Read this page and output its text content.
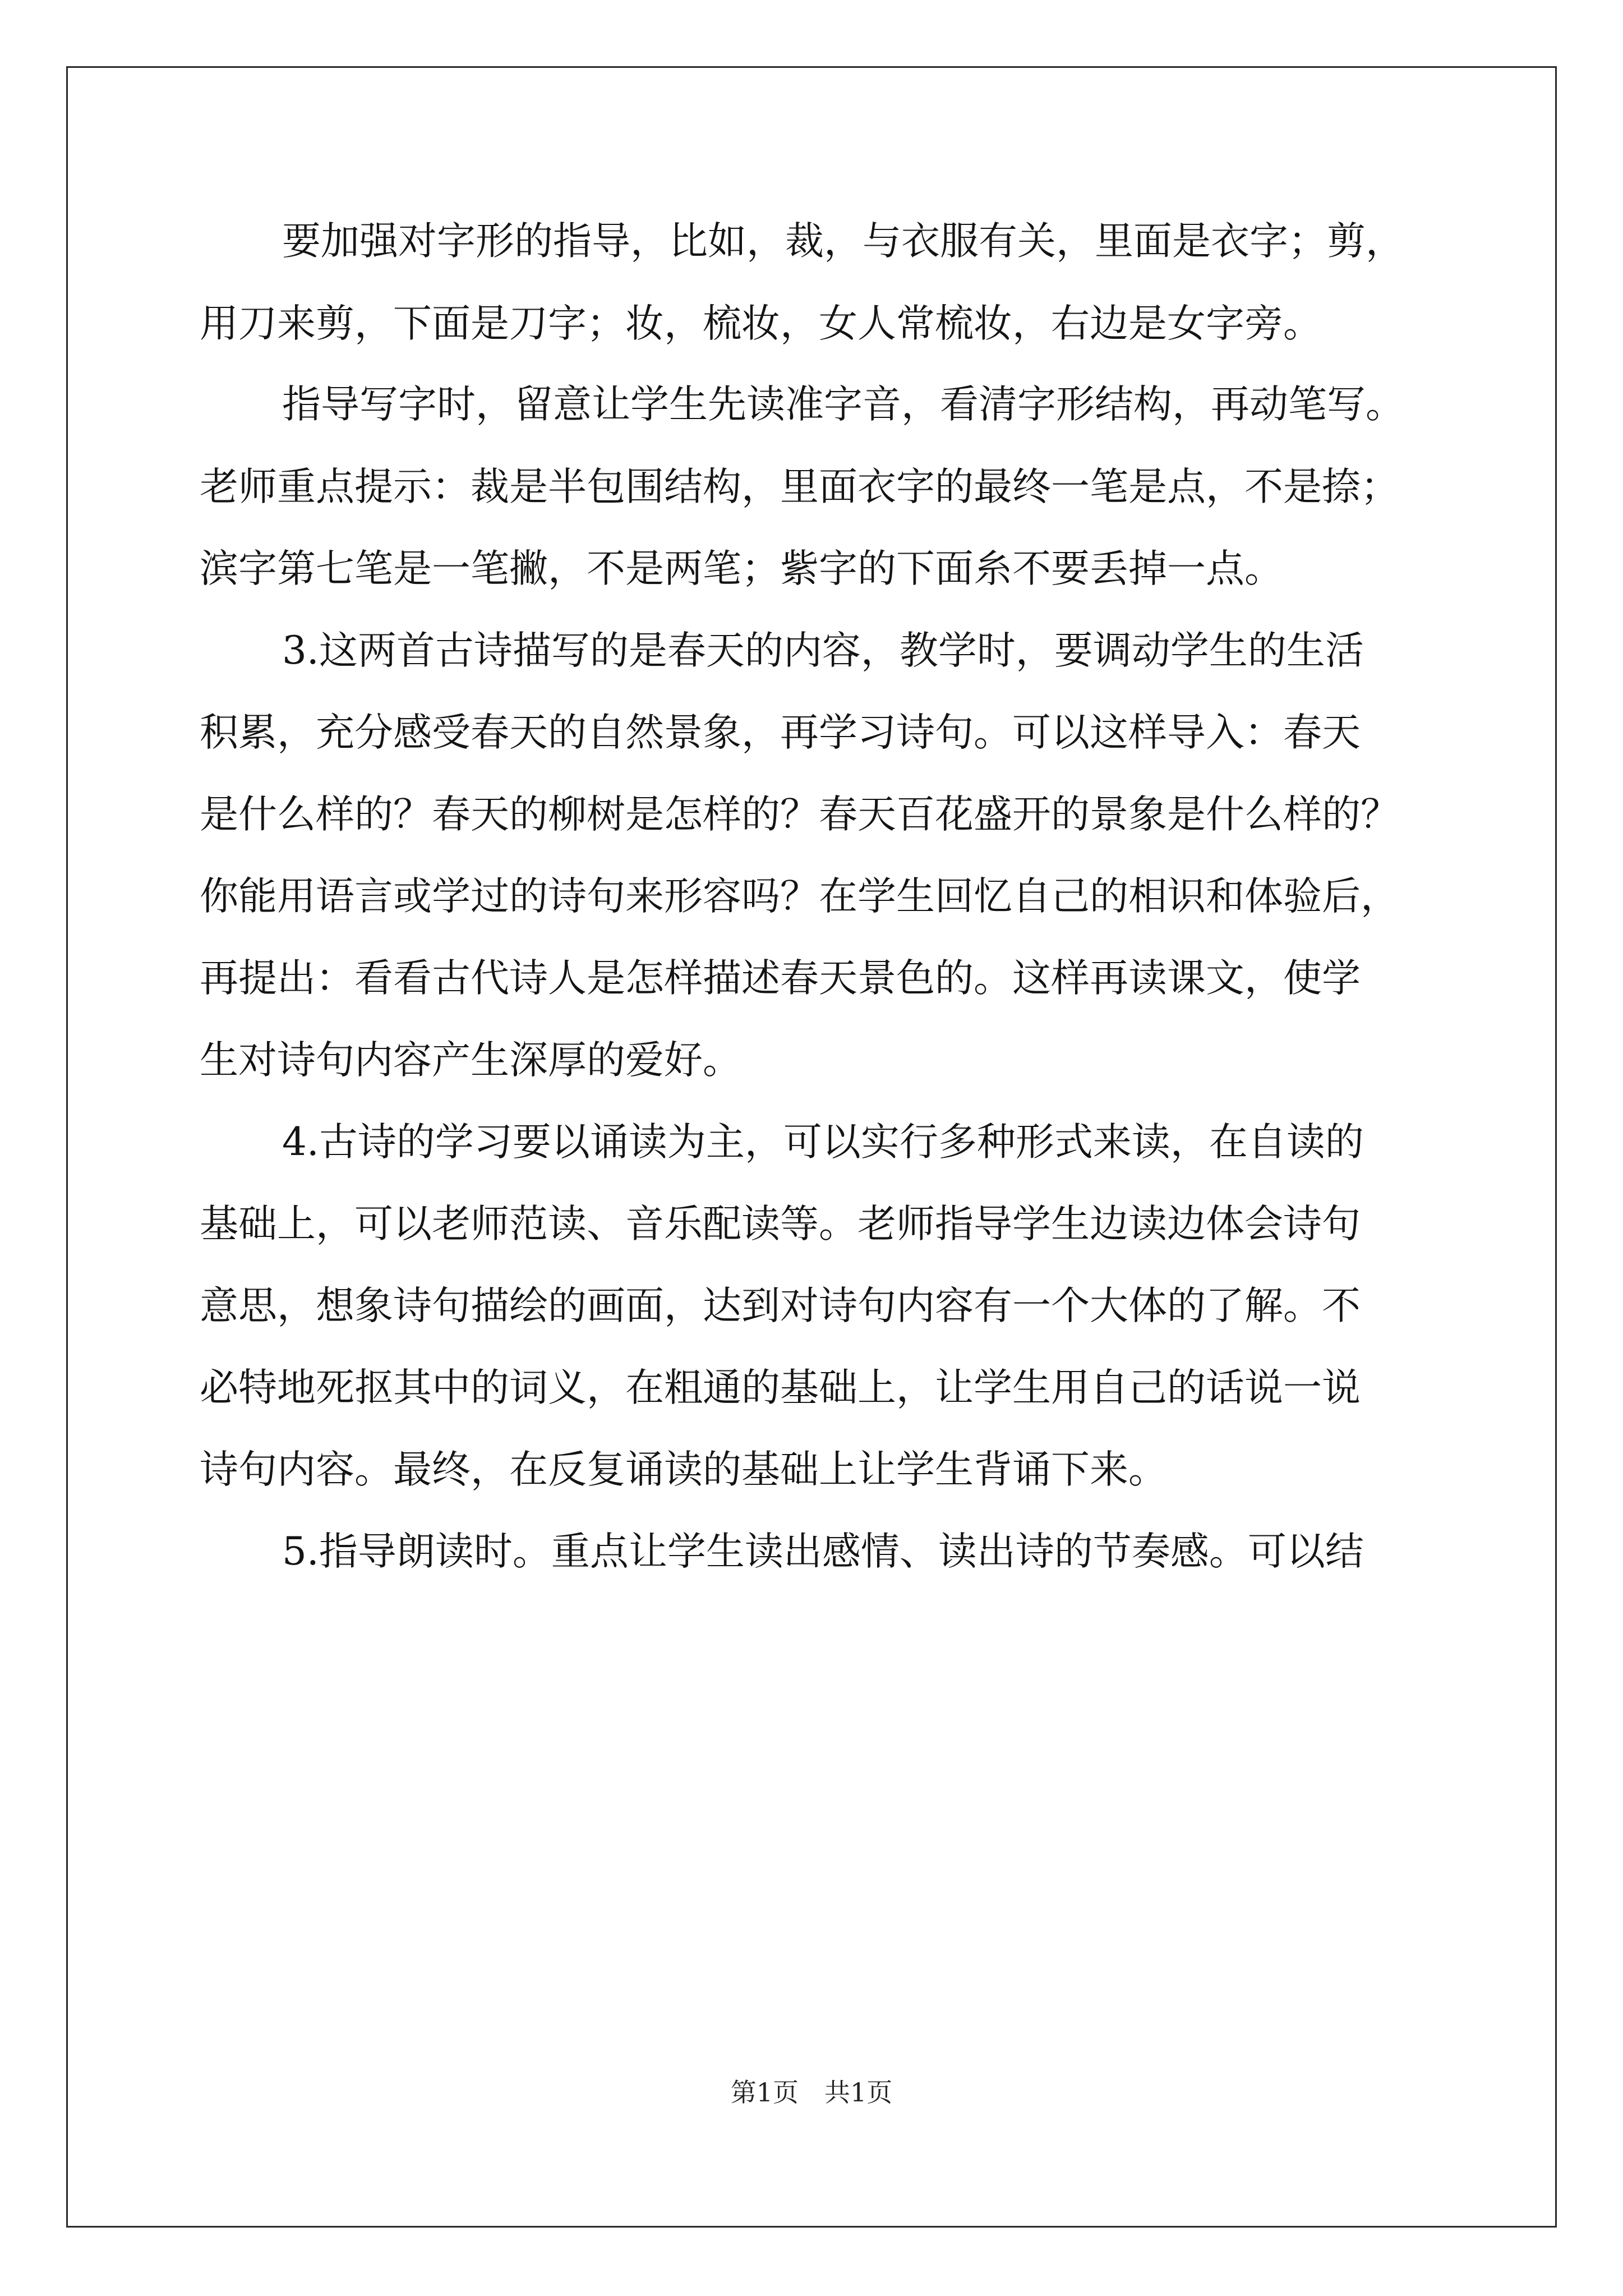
要加强对字形的指导，比如，裁，与衣服有关，里面是衣字；剪，
用刀来剪，下面是刀字；妆，梳妆，女人常梳妆，右边是女字旁。
指导写字时，留意让学生先读准字音，看清字形结构，再动笔写。
老师重点提示：裁是半包围结构，里面衣字的最终一笔是点，不是捺；
滨字第七笔是一笔撇，不是两笔；紫字的下面糸不要丢掉一点。
3.这两首古诗描写的是春天的内容，教学时，要调动学生的生活
积累，充分感受春天的自然景象，再学习诗句。可以这样导入：春天
是什么样的？春天的柳树是怎样的？春天百花盛开的景象是什么样的？
你能用语言或学过的诗句来形容吗？在学生回忆自己的相识和体验后，
再提出：看看古代诗人是怎样描述春天景色的。这样再读课文，使学
生对诗句内容产生深厚的爱好。
4.古诗的学习要以诵读为主，可以实行多种形式来读，在自读的
基础上，可以老师范读、音乐配读等。老师指导学生边读边体会诗句
意思，想象诗句描绘的画面，达到对诗句内容有一个大体的了解。不
必特地死抠其中的词义，在粗通的基础上，让学生用自己的话说一说
诗句内容。最终，在反复诵读的基础上让学生背诵下来。
5.指导朗读时。重点让学生读出感情、读出诗的节奏感。可以结
第1页　共1页
